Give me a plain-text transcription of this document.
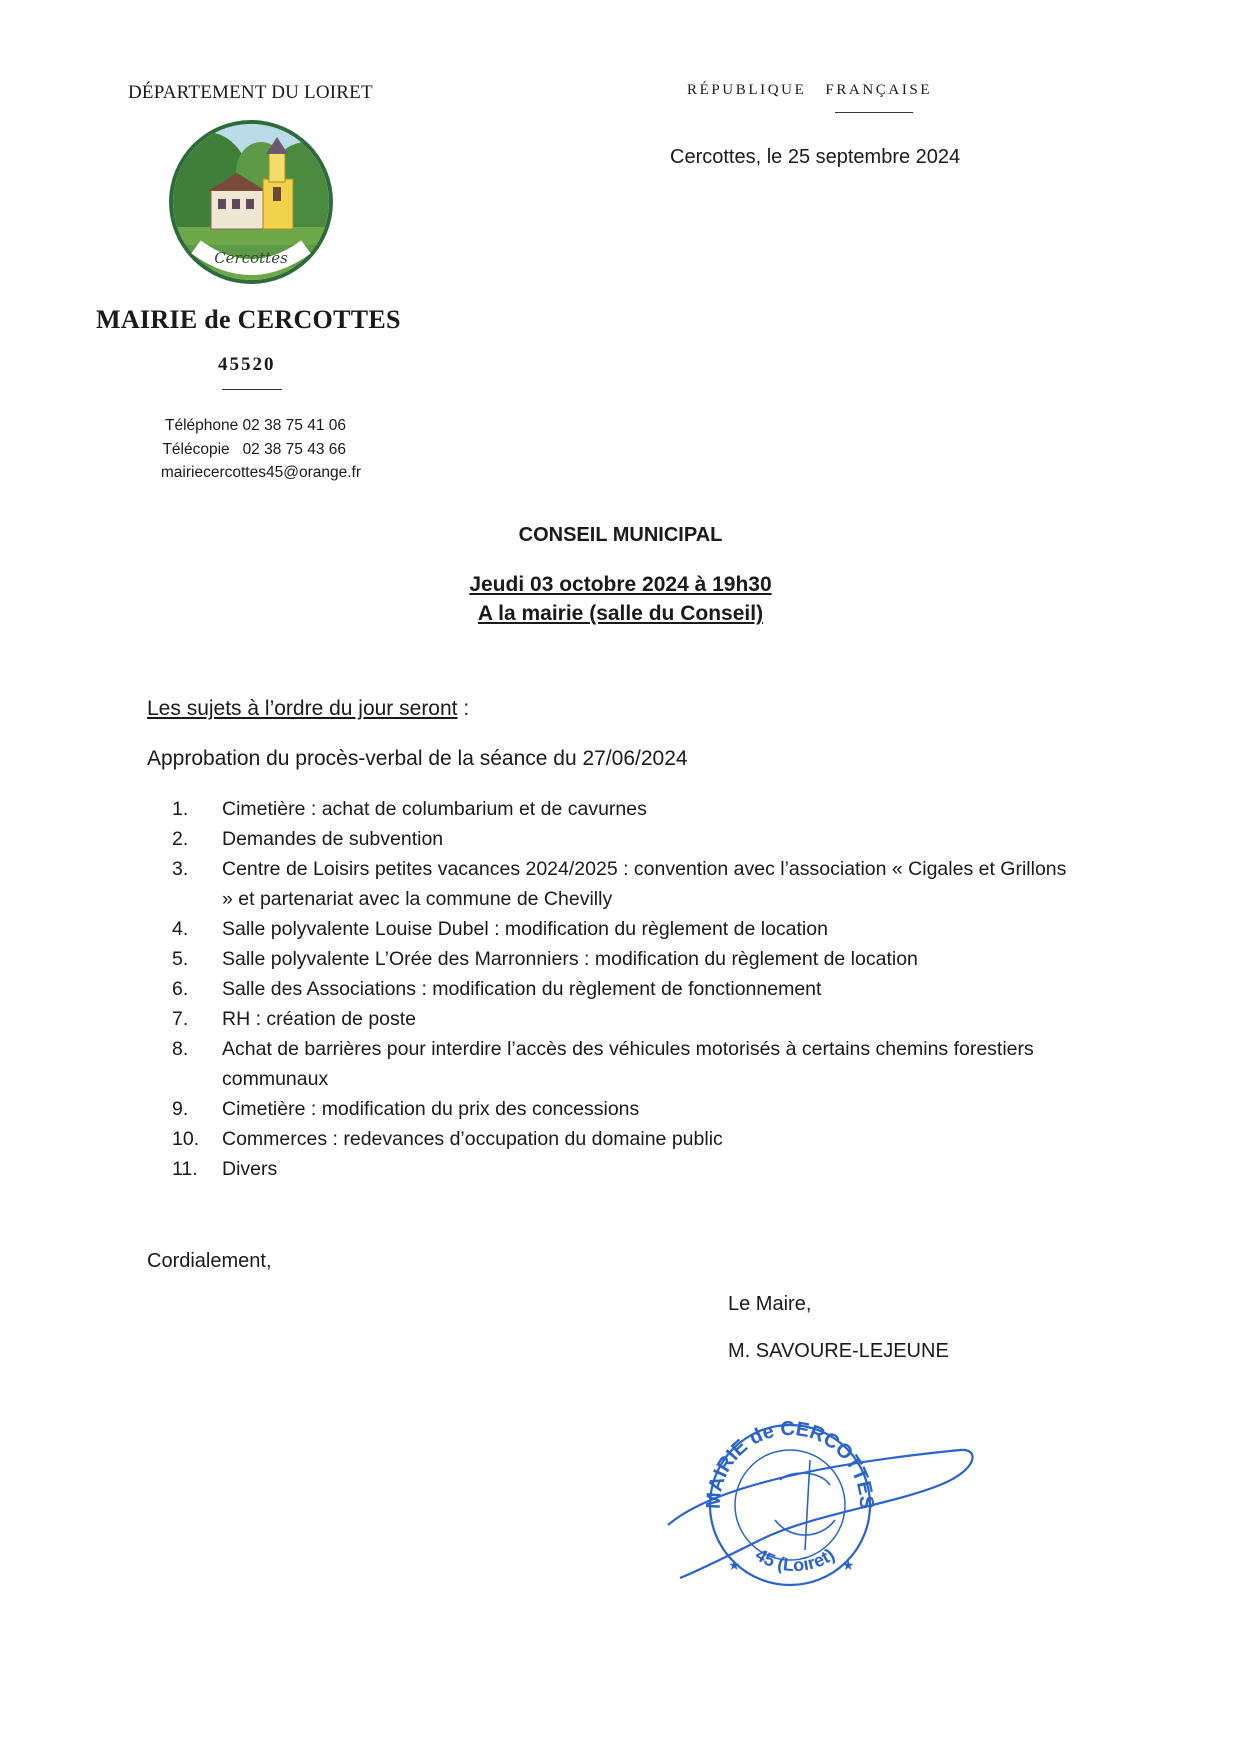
DÉPARTEMENT DU LOIRET	RÉPUBLIQUE   FRANÇAISE
Cercottes, le 25 septembre 2024
Cercottes
MAIRIE de CERCOTTES
45520
Téléphone 02 38 75 41 06
Télécopie   02 38 75 43 66
mairiecercottes45@orange.fr
CONSEIL MUNICIPAL
Jeudi 03 octobre 2024 à 19h30
A la mairie (salle du Conseil)
Les sujets à l’ordre du jour seront :
Approbation du procès-verbal de la séance du 27/06/2024
1.	Cimetière : achat de columbarium et de cavurnes
2.	Demandes de subvention
3.	Centre de Loisirs petites vacances 2024/2025 : convention avec l’association « Cigales et Grillons » et partenariat avec la commune de Chevilly
4.	Salle polyvalente Louise Dubel : modification du règlement de location
5.	Salle polyvalente L’Orée des Marronniers : modification du règlement de location
6.	Salle des Associations : modification du règlement de fonctionnement
7.	RH : création de poste
8.	Achat de barrières pour interdire l’accès des véhicules motorisés à certains chemins forestiers communaux
9.	Cimetière : modification du prix des concessions
10.	Commerces : redevances d’occupation du domaine public
11.	Divers
Cordialement,
Le Maire,
M. SAVOURE-LEJEUNE
MAIRIE de CERCOTTES
45 (Loiret)
★	★
